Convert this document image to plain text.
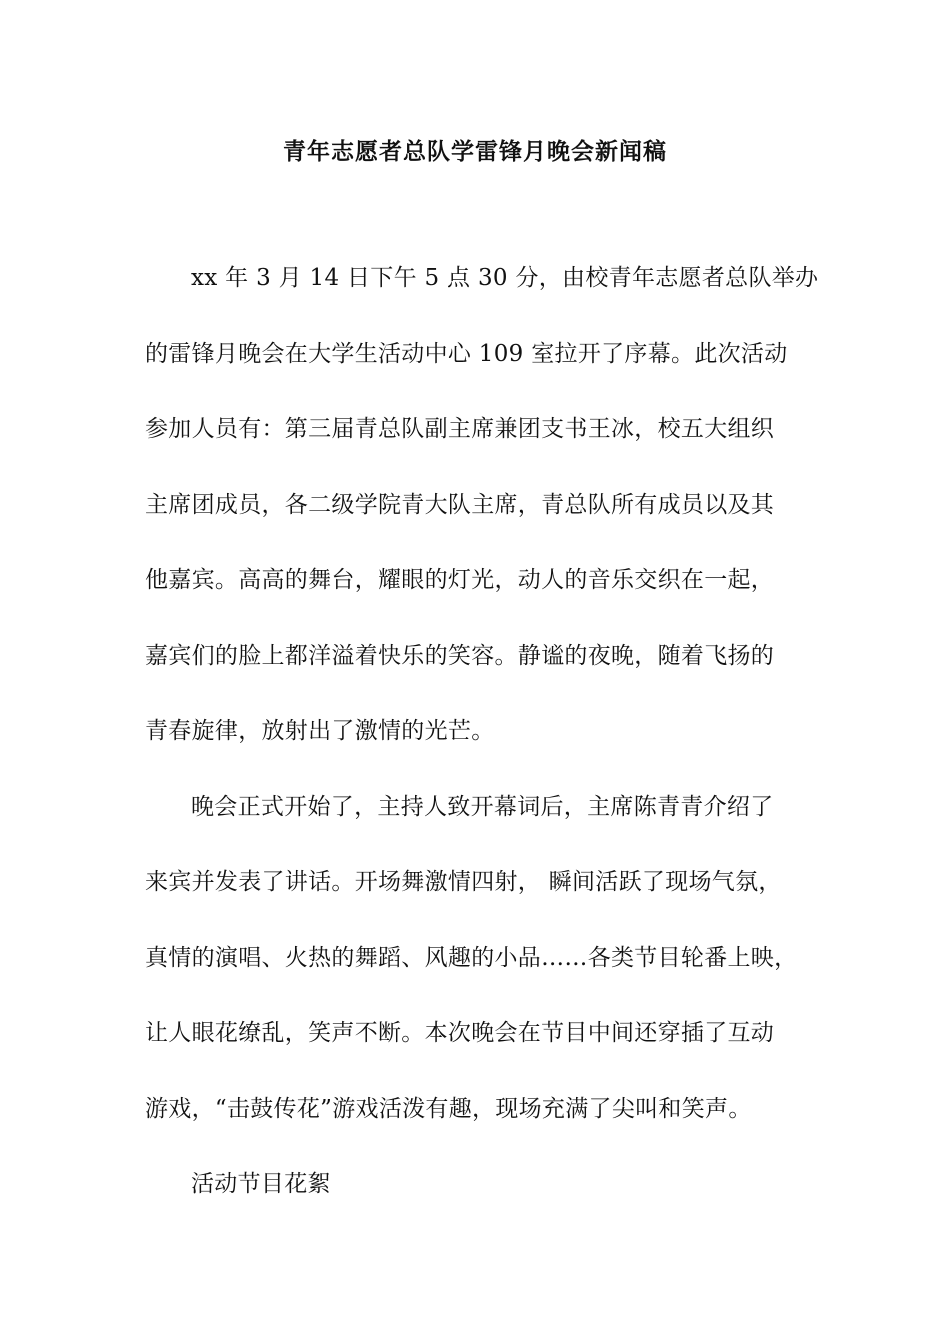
青年志愿者总队学雷锋月晚会新闻稿
xx 年 3 月 14 日下午 5 点 30 分，由校青年志愿者总队举办
的雷锋月晚会在大学生活动中心 109 室拉开了序幕。此次活动
参加人员有：第三届青总队副主席兼团支书王冰，校五大组织
主席团成员，各二级学院青大队主席，青总队所有成员以及其
他嘉宾。高高的舞台，耀眼的灯光，动人的音乐交织在一起，
嘉宾们的脸上都洋溢着快乐的笑容。静谧的夜晚，随着飞扬的
青春旋律，放射出了激情的光芒。
晚会正式开始了，主持人致开幕词后，主席陈青青介绍了
来宾并发表了讲话。开场舞激情四射， 瞬间活跃了现场气氛，
真情的演唱、火热的舞蹈、风趣的小品……各类节目轮番上映，
让人眼花缭乱，笑声不断。本次晚会在节目中间还穿插了互动
游戏，“击鼓传花”游戏活泼有趣，现场充满了尖叫和笑声。
活动节目花絮
